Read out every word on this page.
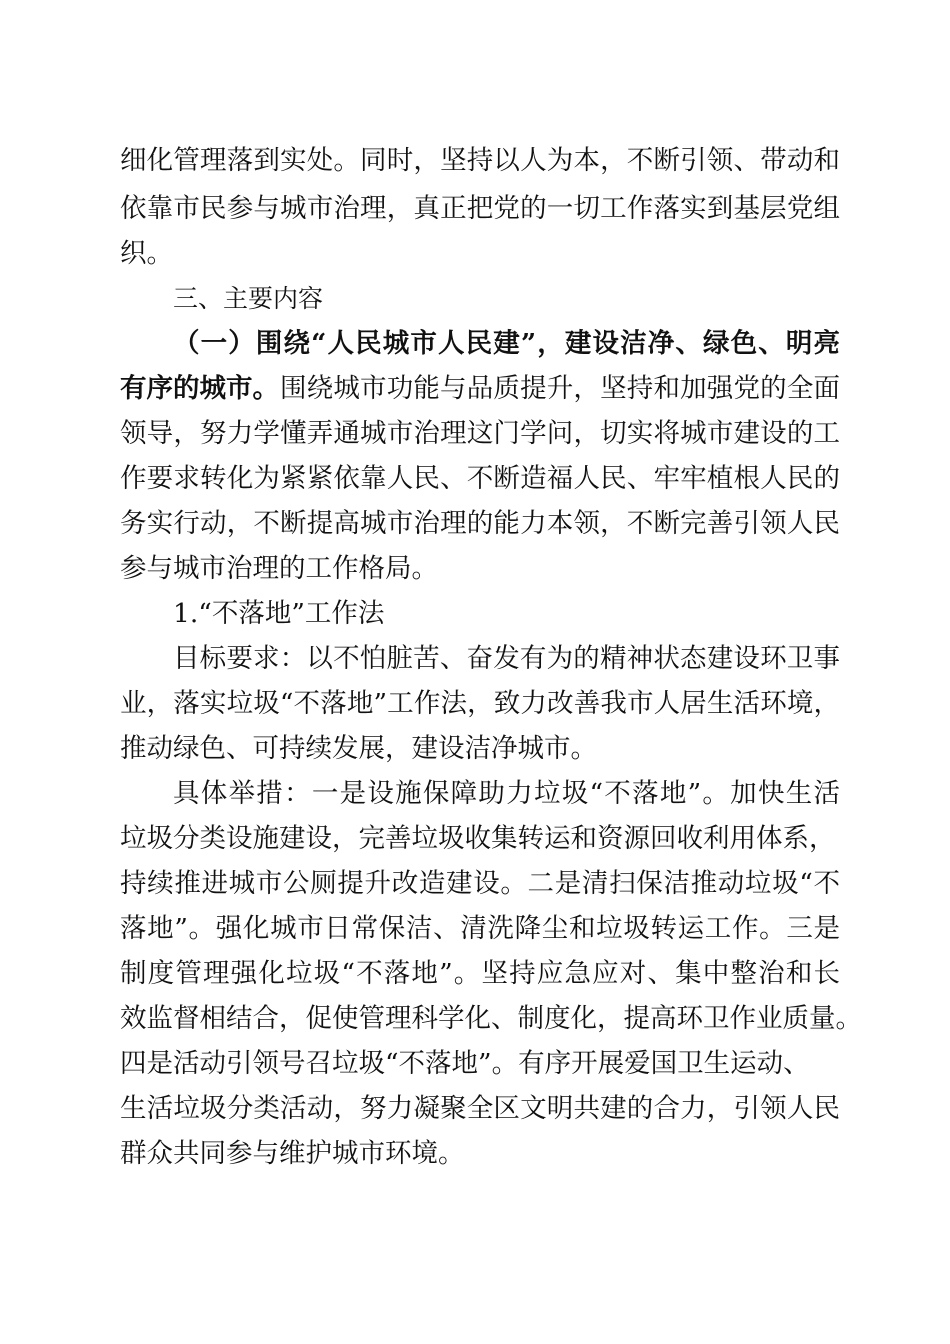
细化管理落到实处。同时，坚持以人为本，不断引领、带动和
依靠市民参与城市治理，真正把党的一切工作落实到基层党组
织。
三、主要内容
（一）围绕“人民城市人民建”，建设洁净、绿色、明亮
有序的城市。 围绕城市功能与品质提升，坚持和加强党的全面
领导，努力学懂弄通城市治理这门学问，切实将城市建设的工
作要求转化为紧紧依靠人民、不断造福人民、牢牢植根人民的
务实行动，不断提高城市治理的能力本领，不断完善引领人民
参与城市治理的工作格局。
1.“不落地”工作法
目标要求：以不怕脏苦、奋发有为的精神状态建设环卫事
业，落实垃圾“不落地”工作法，致力改善我市人居生活环境，
推动绿色、可持续发展，建设洁净城市。
具体举措：一是设施保障助力垃圾“不落地”。加快生活
垃圾分类设施建设，完善垃圾收集转运和资源回收利用体系，
持续推进城市公厕提升改造建设。二是清扫保洁推动垃圾“不
落地”。强化城市日常保洁、清洗降尘和垃圾转运工作。三是
制度管理强化垃圾“不落地”。坚持应急应对、集中整治和长
效监督相结合，促使管理科学化、制度化，提高环卫作业质量。
四是活动引领号召垃圾“不落地”。有序开展爱国卫生运动、
生活垃圾分类活动，努力凝聚全区文明共建的合力，引领人民
群众共同参与维护城市环境。
